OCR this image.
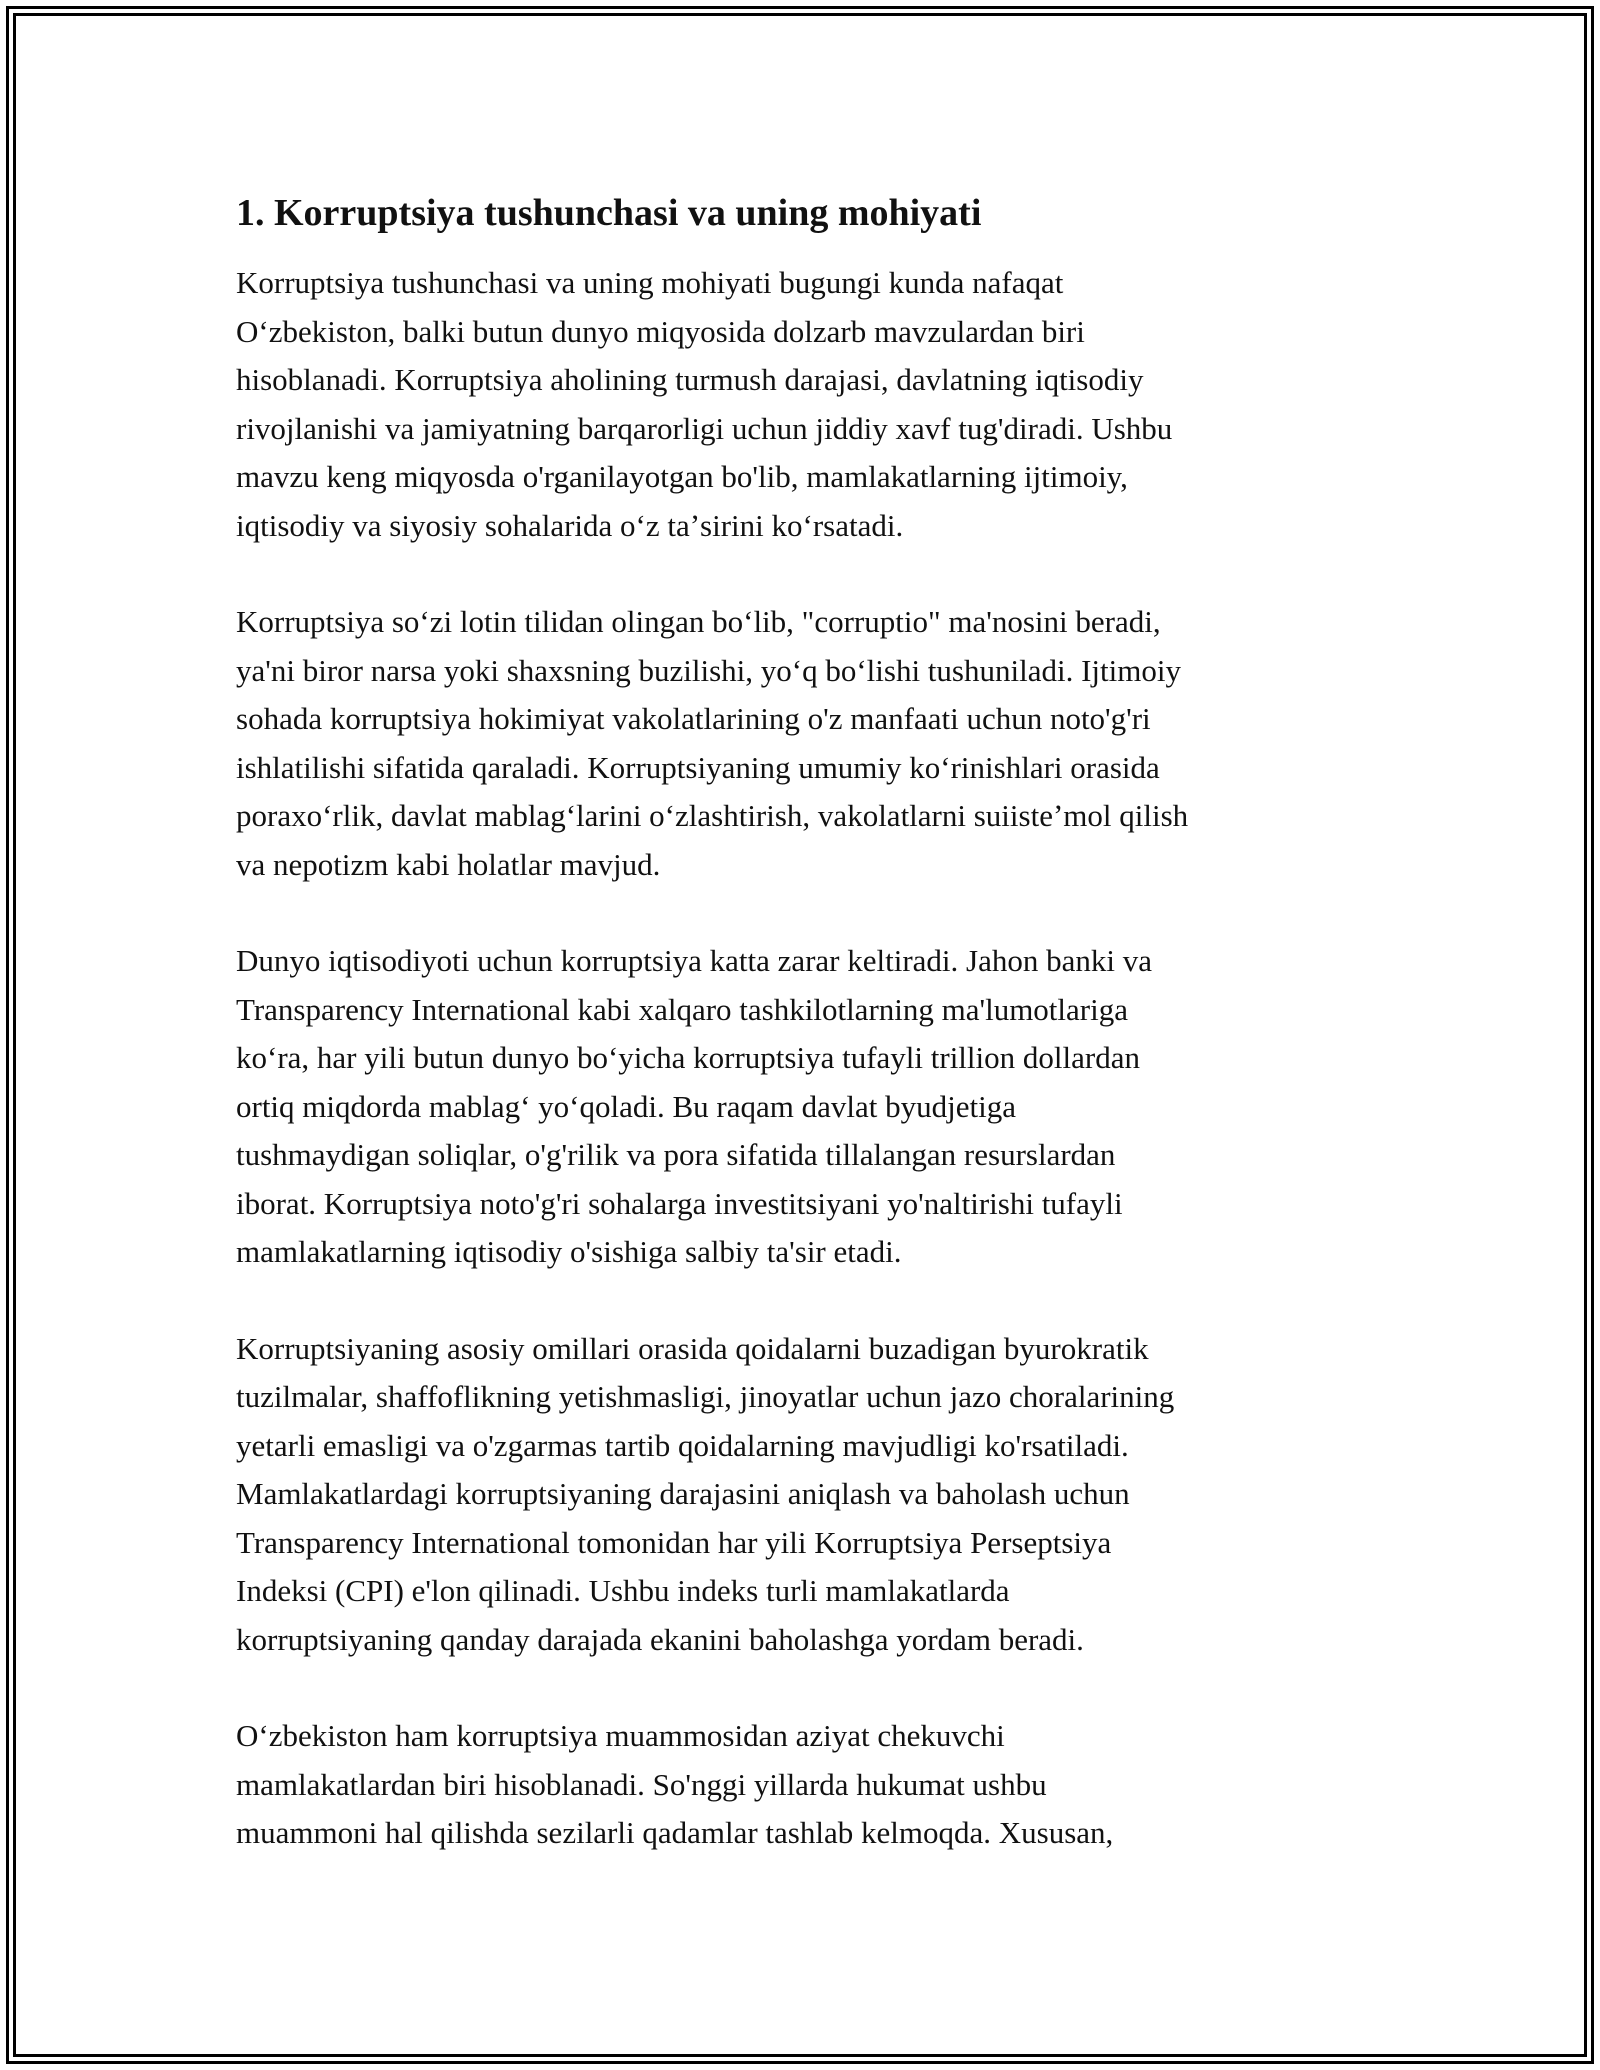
1. Korruptsiya tushunchasi va uning mohiyati

Korruptsiya tushunchasi va uning mohiyati bugungi kunda nafaqat
Oʻzbekiston, balki butun dunyo miqyosida dolzarb mavzulardan biri
hisoblanadi. Korruptsiya aholining turmush darajasi, davlatning iqtisodiy
rivojlanishi va jamiyatning barqarorligi uchun jiddiy xavf tug'diradi. Ushbu
mavzu keng miqyosda o'rganilayotgan bo'lib, mamlakatlarning ijtimoiy,
iqtisodiy va siyosiy sohalarida oʻz taʼsirini koʻrsatadi.

Korruptsiya soʻzi lotin tilidan olingan boʻlib, "corruptio" ma'nosini beradi,
ya'ni biror narsa yoki shaxsning buzilishi, yoʻq boʻlishi tushuniladi. Ijtimoiy
sohada korruptsiya hokimiyat vakolatlarining o'z manfaati uchun noto'g'ri
ishlatilishi sifatida qaraladi. Korruptsiyaning umumiy koʻrinishlari orasida
poraxoʻrlik, davlat mablagʻlarini oʻzlashtirish, vakolatlarni suiisteʼmol qilish
va nepotizm kabi holatlar mavjud.

Dunyo iqtisodiyoti uchun korruptsiya katta zarar keltiradi. Jahon banki va
Transparency International kabi xalqaro tashkilotlarning ma'lumotlariga
koʻra, har yili butun dunyo boʻyicha korruptsiya tufayli trillion dollardan
ortiq miqdorda mablagʻ yoʻqoladi. Bu raqam davlat byudjetiga
tushmaydigan soliqlar, o'g'rilik va pora sifatida tillalangan resurslardan
iborat. Korruptsiya noto'g'ri sohalarga investitsiyani yo'naltirishi tufayli
mamlakatlarning iqtisodiy o'sishiga salbiy ta'sir etadi.

Korruptsiyaning asosiy omillari orasida qoidalarni buzadigan byurokratik
tuzilmalar, shaffoflikning yetishmasligi, jinoyatlar uchun jazo choralarining
yetarli emasligi va o'zgarmas tartib qoidalarning mavjudligi ko'rsatiladi.
Mamlakatlardagi korruptsiyaning darajasini aniqlash va baholash uchun
Transparency International tomonidan har yili Korruptsiya Perseptsiya
Indeksi (CPI) e'lon qilinadi. Ushbu indeks turli mamlakatlarda
korruptsiyaning qanday darajada ekanini baholashga yordam beradi.

Oʻzbekiston ham korruptsiya muammosidan aziyat chekuvchi
mamlakatlardan biri hisoblanadi. So'nggi yillarda hukumat ushbu
muammoni hal qilishda sezilarli qadamlar tashlab kelmoqda. Xususan,
